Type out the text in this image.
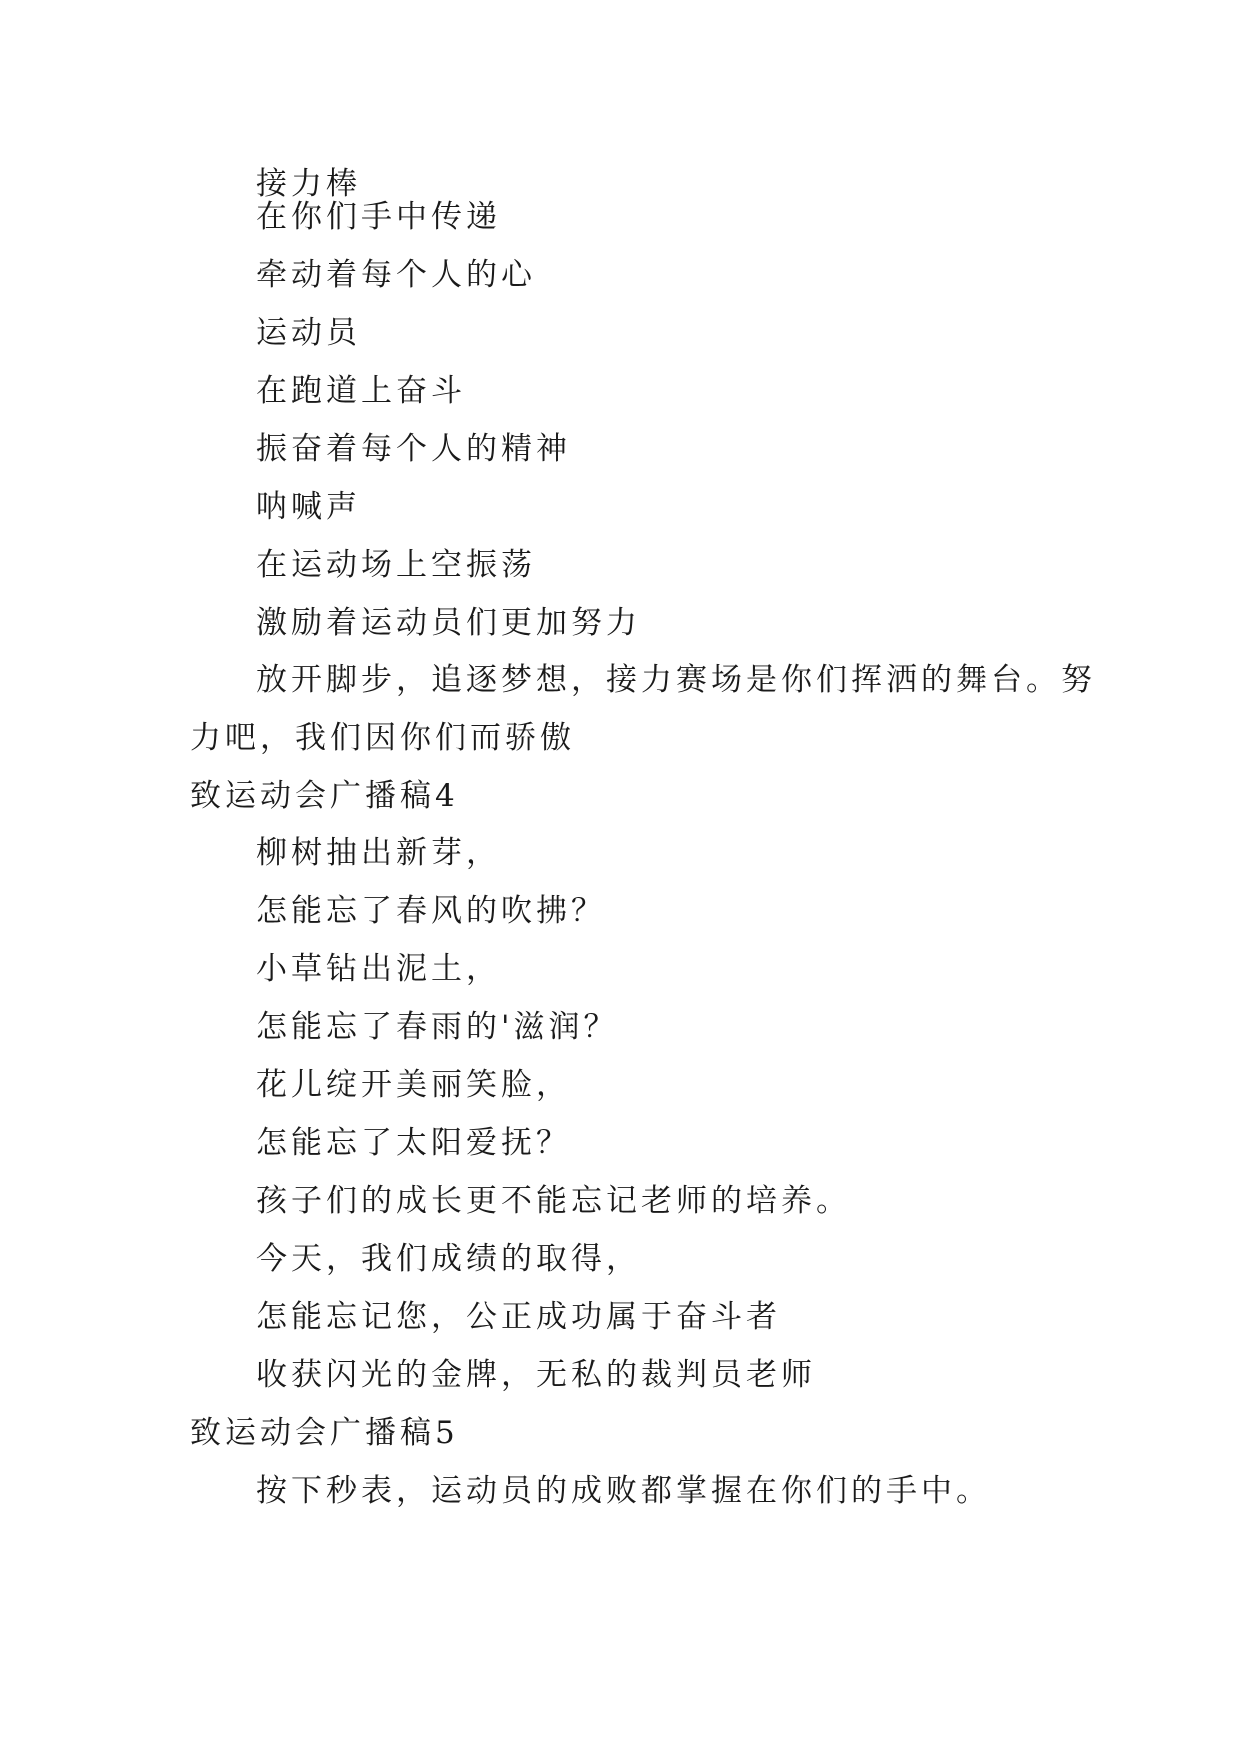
接力棒
在你们手中传递
牵动着每个人的心
运动员
在跑道上奋斗
振奋着每个人的精神
呐喊声
在运动场上空振荡
激励着运动员们更加努力
放开脚步，追逐梦想，接力赛场是你们挥洒的舞台。努
力吧，我们因你们而骄傲
致运动会广播稿4
柳树抽出新芽，
怎能忘了春风的吹拂？
小草钻出泥土，
怎能忘了春雨的'滋润？
花儿绽开美丽笑脸，
怎能忘了太阳爱抚？
孩子们的成长更不能忘记老师的培养。
今天，我们成绩的取得，
怎能忘记您，公正成功属于奋斗者
收获闪光的金牌，无私的裁判员老师
致运动会广播稿5
按下秒表，运动员的成败都掌握在你们的手中。
